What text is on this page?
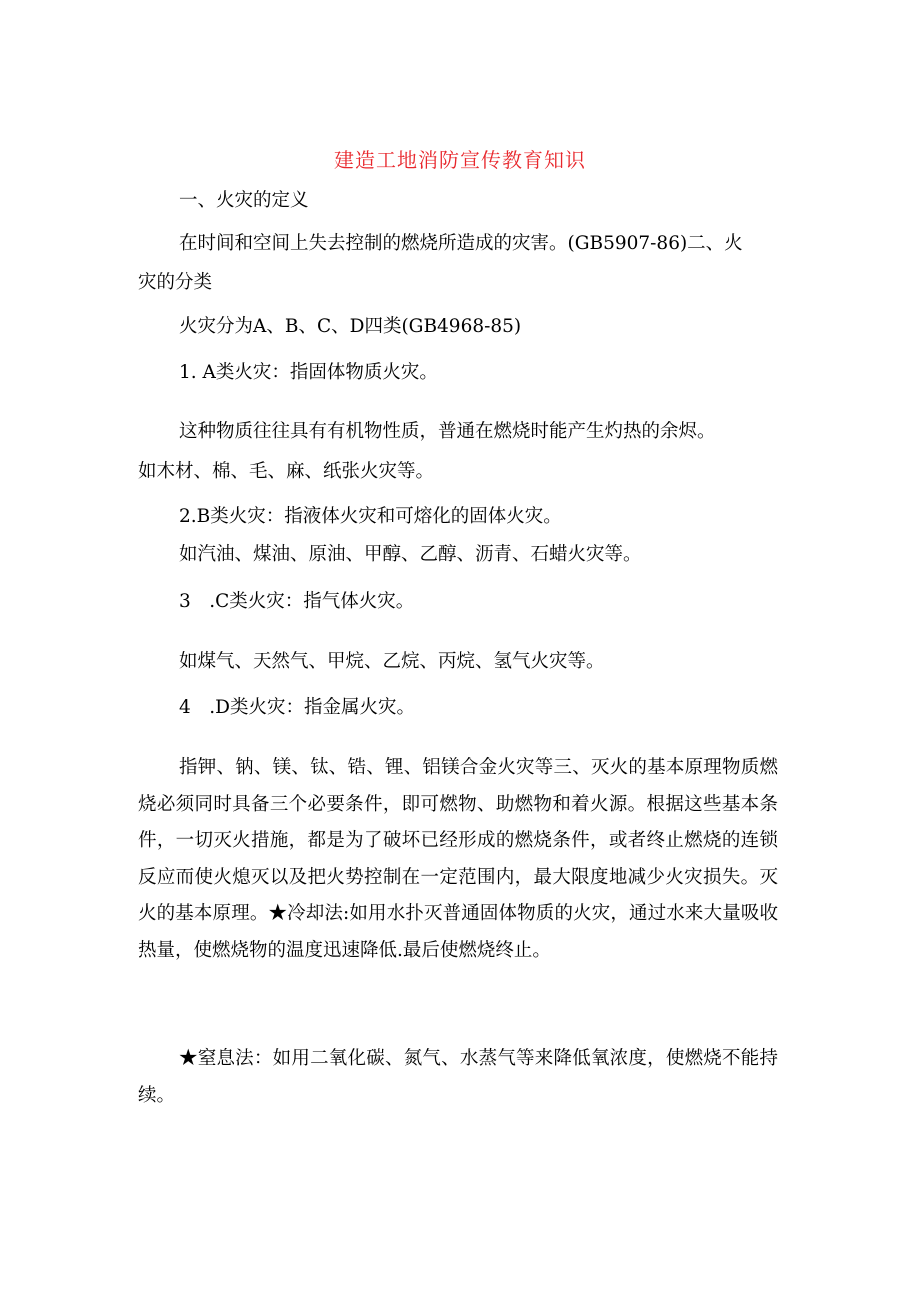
建造工地消防宣传教育知识
一、火灾的定义
在时间和空间上失去控制的燃烧所造成的灾害。(GB5907-86)二、火
灾的分类
火灾分为A、B、C、D四类(GB4968-85)
1. A类火灾：指固体物质火灾。
这种物质往往具有有机物性质，普通在燃烧时能产生灼热的余烬。
如木材、棉、毛、麻、纸张火灾等。
2.B类火灾：指液体火灾和可熔化的固体火灾。
如汽油、煤油、原油、甲醇、乙醇、沥青、石蜡火灾等。
3　.C类火灾：指气体火灾。
如煤气、天然气、甲烷、乙烷、丙烷、氢气火灾等。
4　.D类火灾：指金属火灾。
指钾、钠、镁、钛、锆、锂、铝镁合金火灾等三、灭火的基本原理物质燃烧必须同时具备三个必要条件，即可燃物、助燃物和着火源。根据这些基本条件，一切灭火措施，都是为了破坏已经形成的燃烧条件，或者终止燃烧的连锁反应而使火熄灭以及把火势控制在一定范围内，最大限度地减少火灾损失。灭火的基本原理。★冷却法:如用水扑灭普通固体物质的火灾，通过水来大量吸收热量，使燃烧物的温度迅速降低.最后使燃烧终止。
★窒息法：如用二氧化碳、氮气、水蒸气等来降低氧浓度，使燃烧不能持续。
